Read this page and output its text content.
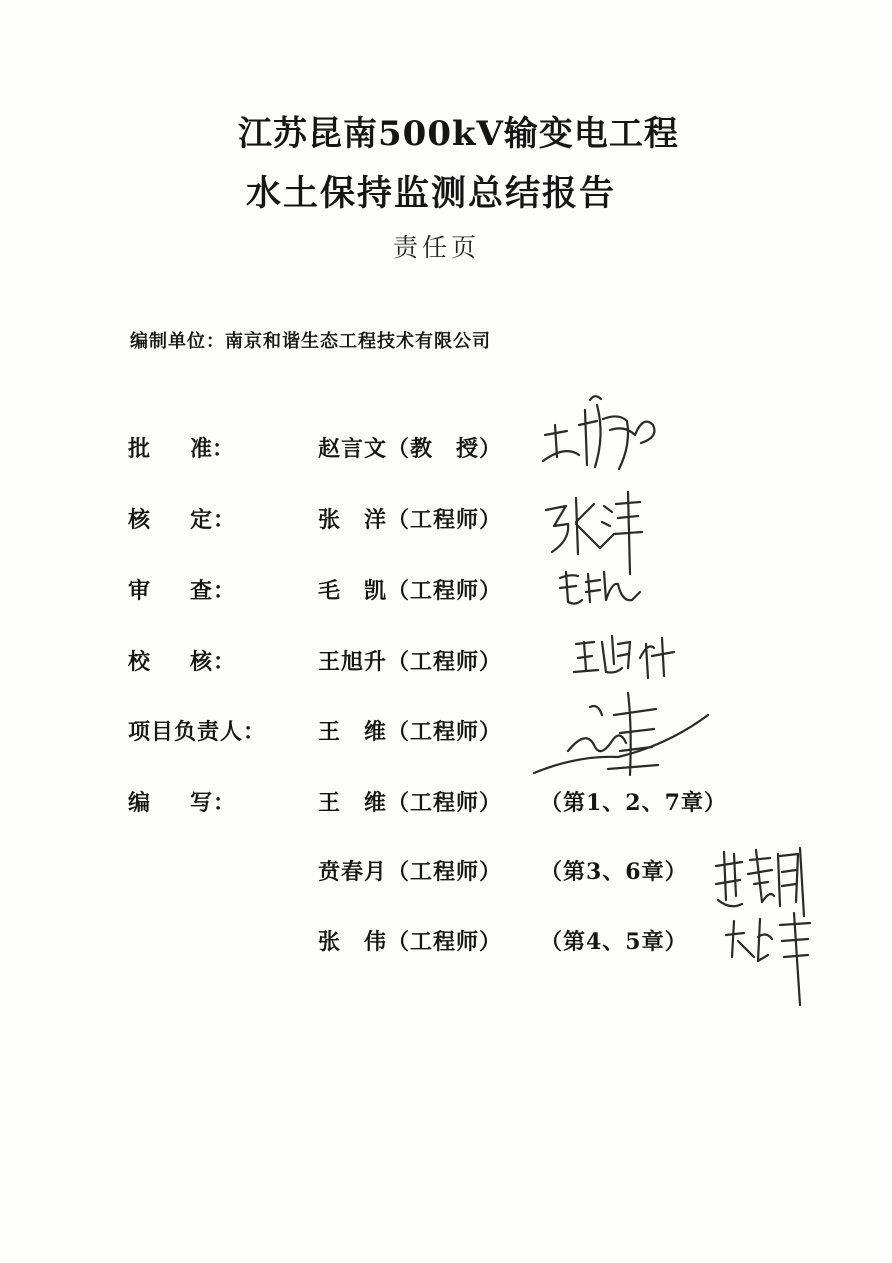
江苏昆南500kV输变电工程
水土保持监测总结报告
责任页
编制单位：南京和谐生态工程技术有限公司
批 准：	赵言文（教　授）
核 定：	张　洋（工程师）
审 查：	毛　凯（工程师）
校 核：	王旭升（工程师）
项目负责人： 王　维（工程师）
编 写：	王　维（工程师） （第1、2、7章）
贲春月（工程师） （第3、6章）
张　伟（工程师） （第4、5章）
